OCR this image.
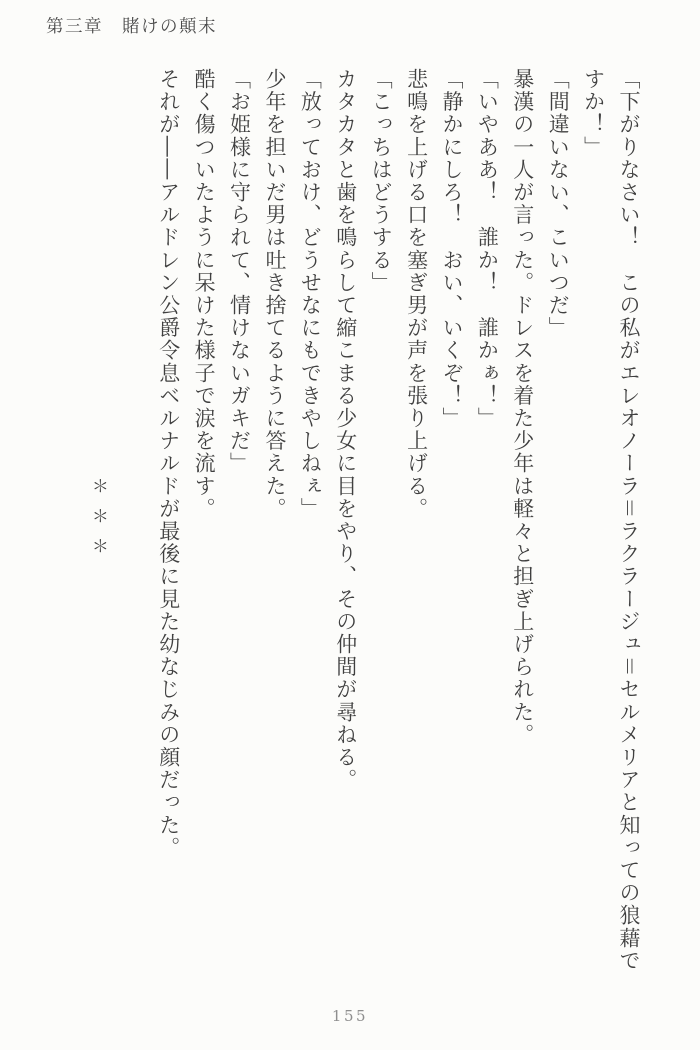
第三章　賭けの顛末
「下がりなさい！　この私がエレオノーラ＝ラクラージュ＝セルメリアと知っての狼藉で
すか！」
「間違いない、こいつだ」
暴漢の一人が言った。ドレスを着た少年は軽々と担ぎ上げられた。
「いやああ！　誰か！　誰かぁ！」
「静かにしろ！　おい、いくぞ！」
悲鳴を上げる口を塞ぎ男が声を張り上げる。
「こっちはどうする」
カタカタと歯を鳴らして縮こまる少女に目をやり、その仲間が尋ねる。
「放っておけ、どうせなにもできやしねぇ」
少年を担いだ男は吐き捨てるように答えた。
「お姫様に守られて、情けないガキだ」
酷く傷ついたように呆けた様子で涙を流す。
それが――アルドレン公爵令息ベルナルドが最後に見た幼なじみの顔だった。

＊＊＊
155
